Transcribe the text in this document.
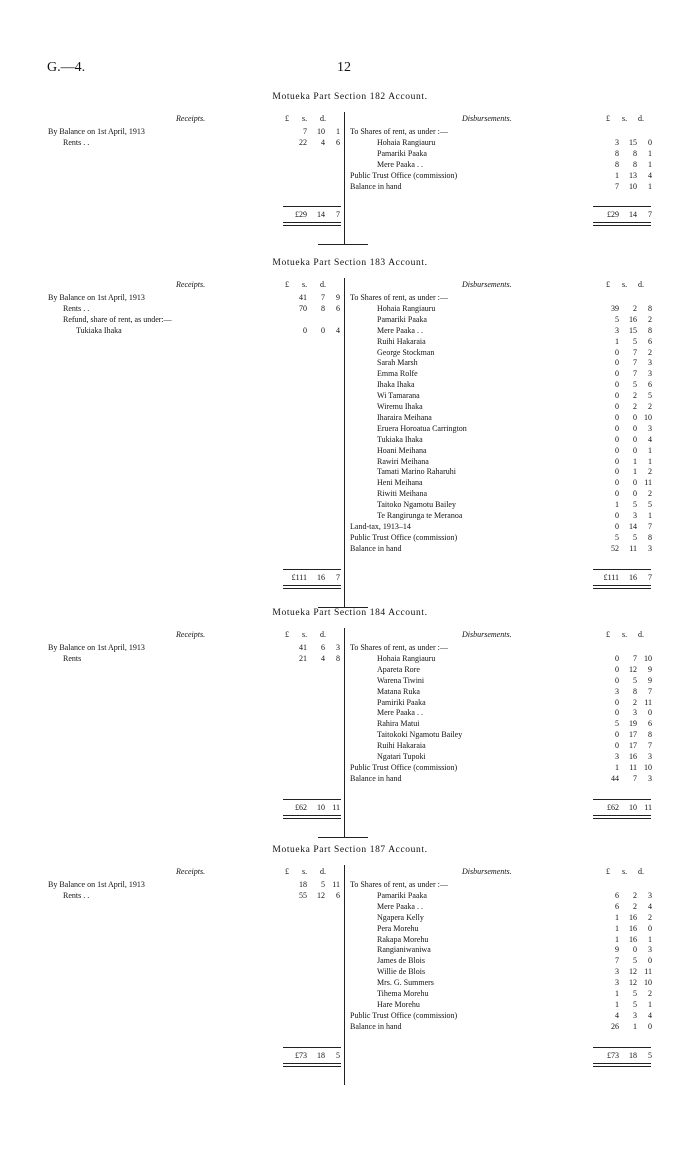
G.—4.	12
Motueka Part Section 182 Account.
Receipts.	Disbursements.
£ s. d.	£ s. d.
By Balance on 1st April, 1913	7 10 1
Rents . .	22 4 6
To Shares of rent, as under :—
Hohaia Rangiauru	3 15 0
Pamariki Paaka	8 8 1
Mere Paaka . .	8 8 1
Public Trust Office (commission)	1 13 4
Balance in hand	7 10 1
£29 14 7	£29 14 7
Motueka Part Section 183 Account.
Receipts.	Disbursements.
£ s. d.	£ s. d.
By Balance on 1st April, 1913	41 7 9
Rents . .	70 8 6
Refund, share of rent, as under:—
Tukiaka Ihaka	0 0 4
To Shares of rent, as under :—
Hohaia Rangiauru	39 2 8
Pamariki Paaka	5 16 2
Mere Paaka . .	3 15 8
Ruihi Hakaraia	1 5 6
George Stockman	0 7 2
Sarah Marsh	0 7 3
Emma Rolfe	0 7 3
Ihaka Ihaka	0 5 6
Wi Tamarana	0 2 5
Wiremu Ihaka	0 2 2
Iharaira Meihana	0 0 10
Eruera Horoatua Carrington	0 0 3
Tukiaka Ihaka	0 0 4
Hoani Meihana	0 0 1
Rawiri Meihana	0 1 1
Tamati Marino Raharuhi	0 1 2
Heni Meihana	0 0 11
Riwiti Meihana	0 0 2
Taitoko Ngamotu Bailey	1 5 5
Te Rangirunga te Meranoa	0 3 1
Land-tax, 1913–14	0 14 7
Public Trust Office (commission)	5 5 8
Balance in hand	52 11 3
£111 16 7	£111 16 7
Motueka Part Section 184 Account.
Receipts.	Disbursements.
£ s. d.	£ s. d.
By Balance on 1st April, 1913	41 6 3
Rents	21 4 8
To Shares of rent, as under :—
Hohaia Rangiauru	0 7 10
Apareta Rore	0 12 9
Warena Tiwini	0 5 9
Matana Ruka	3 8 7
Pamiriki Paaka	0 2 11
Mere Paaka . .	0 3 0
Rahira Matui	5 19 6
Taitokoki Ngamotu Bailey	0 17 8
Ruihi Hakaraia	0 17 7
Ngatari Tupoki	3 16 3
Public Trust Office (commission)	1 11 10
Balance in hand	44 7 3
£62 10 11	£62 10 11
Motueka Part Section 187 Account.
Receipts.	Disbursements.
£ s. d.	£ s. d.
By Balance on 1st April, 1913	18 5 11
Rents . .	55 12 6
To Shares of rent, as under :—
Pamariki Paaka	6 2 3
Mere Paaka . .	6 2 4
Ngapera Kelly	1 16 2
Pera Morehu	1 16 0
Rakapa Morehu	1 16 1
Rangianiwaniwa	9 0 3
James de Blois	7 5 0
Willie de Blois	3 12 11
Mrs. G. Summers	3 12 10
Tihema Morehu	1 5 2
Hare Morehu	1 5 1
Public Trust Office (commission)	4 3 4
Balance in hand	26 1 0
£73 18 5	£73 18 5
